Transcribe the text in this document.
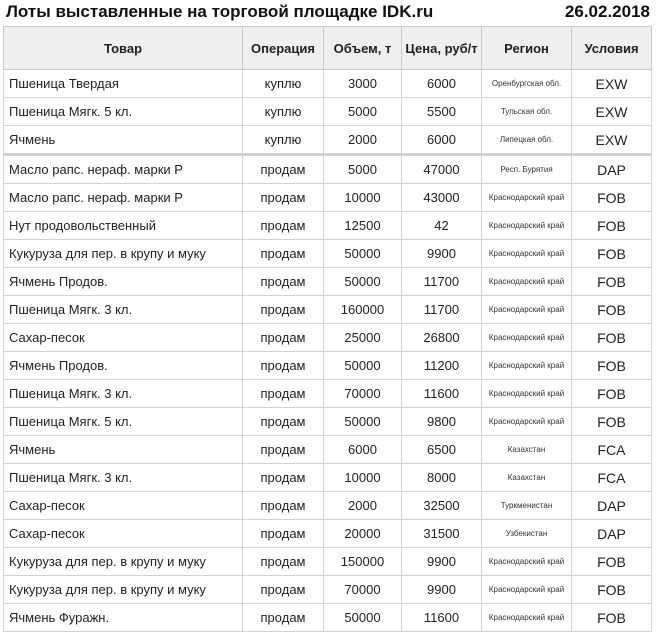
Лоты выставленные на торговой площадке IDK.ru	26.02.2018
Товар	Операция	Объем, т	Цена, руб/т	Регион	Условия
Пшеница Твердая	куплю	3000	6000	Оренбургская обл.	EXW
Пшеница Мягк. 5 кл.	куплю	5000	5500	Тульская обл.	EXW
Ячмень	куплю	2000	6000	Липецкая обл.	EXW
Масло рапс. нераф. марки Р	продам	5000	47000	Респ. Бурятия	DAP
Масло рапс. нераф. марки Р	продам	10000	43000	Краснодарский край	FOB
Нут продовольственный	продам	12500	42	Краснодарский край	FOB
Кукуруза для пер. в крупу и муку	продам	50000	9900	Краснодарский край	FOB
Ячмень Продов.	продам	50000	11700	Краснодарский край	FOB
Пшеница Мягк. 3 кл.	продам	160000	11700	Краснодарский край	FOB
Сахар-песок	продам	25000	26800	Краснодарский край	FOB
Ячмень Продов.	продам	50000	11200	Краснодарский край	FOB
Пшеница Мягк. 3 кл.	продам	70000	11600	Краснодарский край	FOB
Пшеница Мягк. 5 кл.	продам	50000	9800	Краснодарский край	FOB
Ячмень	продам	6000	6500	Казахстан	FCA
Пшеница Мягк. 3 кл.	продам	10000	8000	Казахстан	FCA
Сахар-песок	продам	2000	32500	Туркменистан	DAP
Сахар-песок	продам	20000	31500	Узбекистан	DAP
Кукуруза для пер. в крупу и муку	продам	150000	9900	Краснодарский край	FOB
Кукуруза для пер. в крупу и муку	продам	70000	9900	Краснодарский край	FOB
Ячмень Фуражн.	продам	50000	11600	Краснодарский край	FOB
